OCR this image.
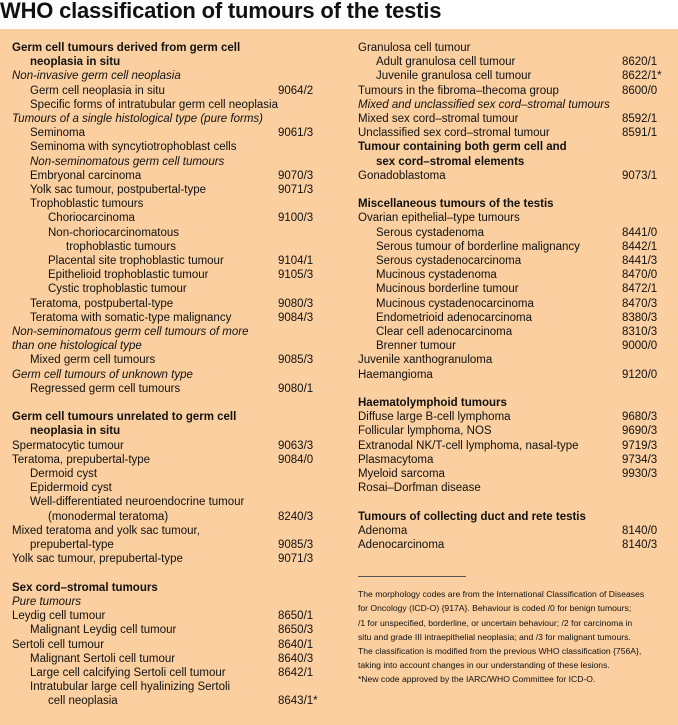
WHO classification of tumours of the testis
Germ cell tumours derived from germ cell
neoplasia in situ
Non-invasive germ cell neoplasia
Germ cell neoplasia in situ	9064/2
Specific forms of intratubular germ cell neoplasia
Tumours of a single histological type (pure forms)
Seminoma	9061/3
Seminoma with syncytiotrophoblast cells
Non-seminomatous germ cell tumours
Embryonal carcinoma	9070/3
Yolk sac tumour, postpubertal-type	9071/3
Trophoblastic tumours
Choriocarcinoma	9100/3
Non-choriocarcinomatous
trophoblastic tumours
Placental site trophoblastic tumour	9104/1
Epithelioid trophoblastic tumour	9105/3
Cystic trophoblastic tumour
Teratoma, postpubertal-type	9080/3
Teratoma with somatic-type malignancy	9084/3
Non-seminomatous germ cell tumours of more
than one histological type
Mixed germ cell tumours	9085/3
Germ cell tumours of unknown type
Regressed germ cell tumours	9080/1
Germ cell tumours unrelated to germ cell
neoplasia in situ
Spermatocytic tumour	9063/3
Teratoma, prepubertal-type	9084/0
Dermoid cyst
Epidermoid cyst
Well-differentiated neuroendocrine tumour
(monodermal teratoma)	8240/3
Mixed teratoma and yolk sac tumour,
prepubertal-type	9085/3
Yolk sac tumour, prepubertal-type	9071/3
Sex cord–stromal tumours
Pure tumours
Leydig cell tumour	8650/1
Malignant Leydig cell tumour	8650/3
Sertoli cell tumour	8640/1
Malignant Sertoli cell tumour	8640/3
Large cell calcifying Sertoli cell tumour	8642/1
Intratubular large cell hyalinizing Sertoli
cell neoplasia	8643/1*
Granulosa cell tumour
Adult granulosa cell tumour	8620/1
Juvenile granulosa cell tumour	8622/1*
Tumours in the fibroma–thecoma group	8600/0
Mixed and unclassified sex cord–stromal tumours
Mixed sex cord–stromal tumour	8592/1
Unclassified sex cord–stromal tumour	8591/1
Tumour containing both germ cell and
sex cord–stromal elements
Gonadoblastoma	9073/1
Miscellaneous tumours of the testis
Ovarian epithelial–type tumours
Serous cystadenoma	8441/0
Serous tumour of borderline malignancy	8442/1
Serous cystadenocarcinoma	8441/3
Mucinous cystadenoma	8470/0
Mucinous borderline tumour	8472/1
Mucinous cystadenocarcinoma	8470/3
Endometrioid adenocarcinoma	8380/3
Clear cell adenocarcinoma	8310/3
Brenner tumour	9000/0
Juvenile xanthogranuloma
Haemangioma	9120/0
Haematolymphoid tumours
Diffuse large B-cell lymphoma	9680/3
Follicular lymphoma, NOS	9690/3
Extranodal NK/T-cell lymphoma, nasal-type	9719/3
Plasmacytoma	9734/3
Myeloid sarcoma	9930/3
Rosai–Dorfman disease
Tumours of collecting duct and rete testis
Adenoma	8140/0
Adenocarcinoma	8140/3
The morphology codes are from the International Classification of Diseases
for Oncology (ICD-O) {917A}. Behaviour is coded /0 for benign tumours;
/1 for unspecified, borderline, or uncertain behaviour; /2 for carcinoma in
situ and grade III intraepithelial neoplasia; and /3 for malignant tumours.
The classification is modified from the previous WHO classification {756A},
taking into account changes in our understanding of these lesions.
*New code approved by the IARC/WHO Committee for ICD-O.
